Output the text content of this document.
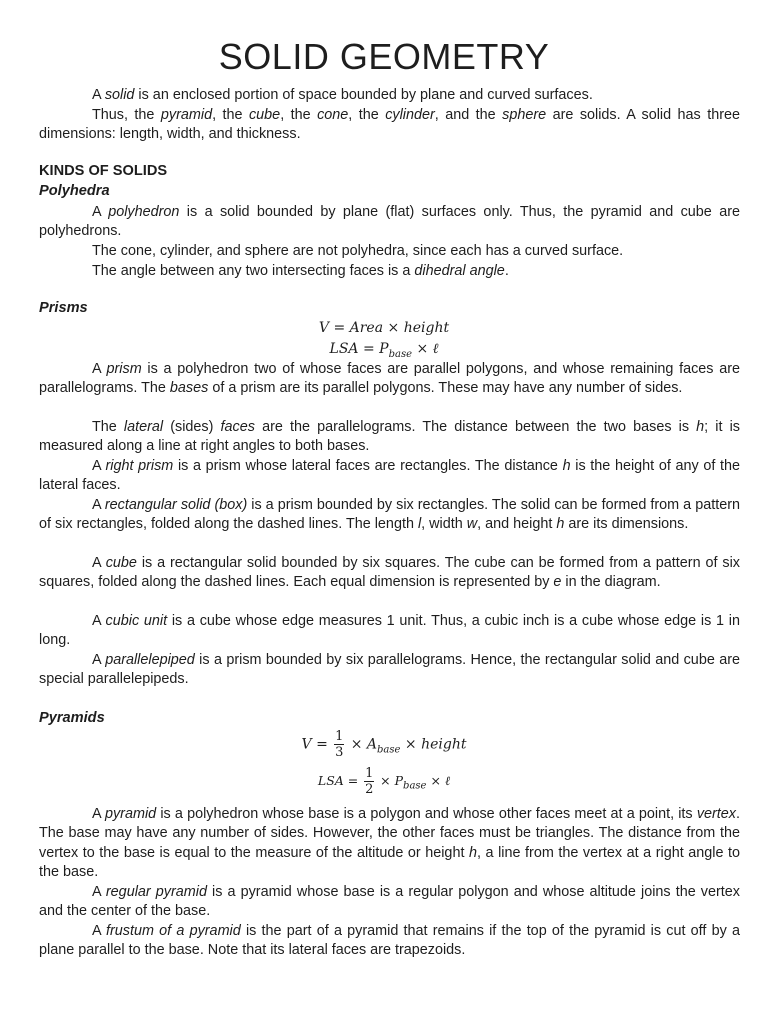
SOLID GEOMETRY

A solid is an enclosed portion of space bounded by plane and curved surfaces.

Thus, the pyramid, the cube, the cone, the cylinder, and the sphere are solids. A solid has three dimensions: length, width, and thickness.

KINDS OF SOLIDS
Polyhedra

A polyhedron is a solid bounded by plane (flat) surfaces only. Thus, the pyramid and cube are polyhedrons.

The cone, cylinder, and sphere are not polyhedra, since each has a curved surface.

The angle between any two intersecting faces is a dihedral angle.

Prisms
V = Area × height
LSA = $P_{base}$ × ℓ

A prism is a polyhedron two of whose faces are parallel polygons, and whose remaining faces are parallelograms. The bases of a prism are its parallel polygons. These may have any number of sides.

The lateral (sides) faces are the parallelograms. The distance between the two bases is h; it is measured along a line at right angles to both bases.

A right prism is a prism whose lateral faces are rectangles. The distance h is the height of any of the lateral faces.

A rectangular solid (box) is a prism bounded by six rectangles. The solid can be formed from a pattern of six rectangles, folded along the dashed lines. The length l, width w, and height h are its dimensions.

A cube is a rectangular solid bounded by six squares. The cube can be formed from a pattern of six squares, folded along the dashed lines. Each equal dimension is represented by e in the diagram.

A cubic unit is a cube whose edge measures 1 unit. Thus, a cubic inch is a cube whose edge is 1 in long.

A parallelepiped is a prism bounded by six parallelograms. Hence, the rectangular solid and cube are special parallelepipeds.

Pyramids
$V = \frac{1}{3} \times A_{base}$ × height
LSA = $\frac{1}{2} \times P_{base}$ × ℓ

A pyramid is a polyhedron whose base is a polygon and whose other faces meet at a point, its vertex. The base may have any number of sides. However, the other faces must be triangles. The distance from the vertex to the base is equal to the measure of the altitude or height h, a line from the vertex at a right angle to the base.

A regular pyramid is a pyramid whose base is a regular polygon and whose altitude joins the vertex and the center of the base.

A frustum of a pyramid is the part of a pyramid that remains if the top of the pyramid is cut off by a plane parallel to the base. Note that its lateral faces are trapezoids.
